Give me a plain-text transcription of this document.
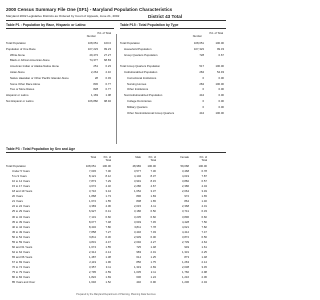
2000 Census Summary File One (SF1) - Maryland Population Characteristics
Maryland 2002 Legislative Districts as Ordered by Court of Appeals, June 21, 2002	District 43 Total
Table P1 : Population by Race, Hispanic or Latino
Number
Pct. of Total
Total Population	108,051	100.0
Population of One Race	107,223	99.23
White Alone	29,473	27.27
Black or African American Alone	74,377	68.83
American Indian or Alaska Native Alone	251	0.23
Asian Alone	2,264	2.10
Native Hawaiian or Other Pacific Islander Alone	28	0.03
Some Other Race Alone	830	0.77
Two or More Races	828	0.77
Hispanic or Latino	1,169	1.08
Not Hispanic or Latino	106,882	98.92
Table P15 : Total Population by Type
Number
Pct. of Total
Total Population	108,051	100.00
Household Population	107,323	99.33
Group Quarters Population	728	0.67
Total Group Quarters Population	517	100.00
Institutionalized Population	284	54.93
Correctional Institutions	0	0.00
Nursing Homes	284	100.00
Other Institutions	0	0.00
Noninstitutionalized Population	444	0.00
College Dormitories	0	0.00
Military Quarters	0	0.00
Other Noninstitutional Group Quarters	444	100.00
Table P3 : Total Population by Sex and Age
Total	Pct. of Total
Male	Pct. of Total
Female	Pct. of Total
Total Population	108,051	100.00	48,983	100.00	59,068	100.00
Under 5 Years	7,045	7.00	3,577	7.30	3,468	6.78
5 to 9 Years	8,121	8.12	4,102	8.37	4,019	7.87
10 to 14 Years	7,873	7.29	3,991	8.15	3,882	6.57
15 to 17 Years	4,672	4.32	2,286	4.67	2,386	4.04
18 and 19 Years	3,716	3.44	1,652	3.37	2,064	3.49
20 Years	1,868	1.73	896	1.83	972	1.65
21 Years	1,672	1.55	808	1.65	864	1.46
22 to 24 Years	4,383	4.06	2,015	4.11	2,368	4.01
25 to 29 Years	6,927	6.41	3,186	6.50	3,741	6.33
30 to 34 Years	7,131	6.60	3,235	6.60	3,896	6.60
35 to 39 Years	8,077	7.48	3,649	7.45	4,428	7.50
40 to 44 Years	8,432	7.80	3,811	7.78	4,621	7.82
45 to 49 Years	7,858	7.27	3,446	7.03	4,412	7.47
50 to 54 Years	6,811	6.30	2,939	6.00	3,872	6.56
55 to 59 Years	4,831	4.47	2,092	4.27	2,739	4.64
60 and 61 Years	1,674	1.55	725	1.48	949	1.61
62 to 64 Years	2,314	2.14	983	2.01	1,331	2.25
65 and 66 Years	1,487	1.38	614	1.25	873	1.48
67 to 69 Years	2,119	1.96	856	1.75	1,263	2.14
70 to 74 Years	3,357	3.11	1,319	2.69	2,038	3.45
75 to 79 Years	2,795	2.59	1,035	2.11	1,760	2.98
80 to 84 Years	1,822	1.69	606	1.24	1,216	2.06
85 Years and Over	1,646	1.52	440	0.90	1,206	2.04
Prepared by the Maryland Department of Planning, Planning Data Services
